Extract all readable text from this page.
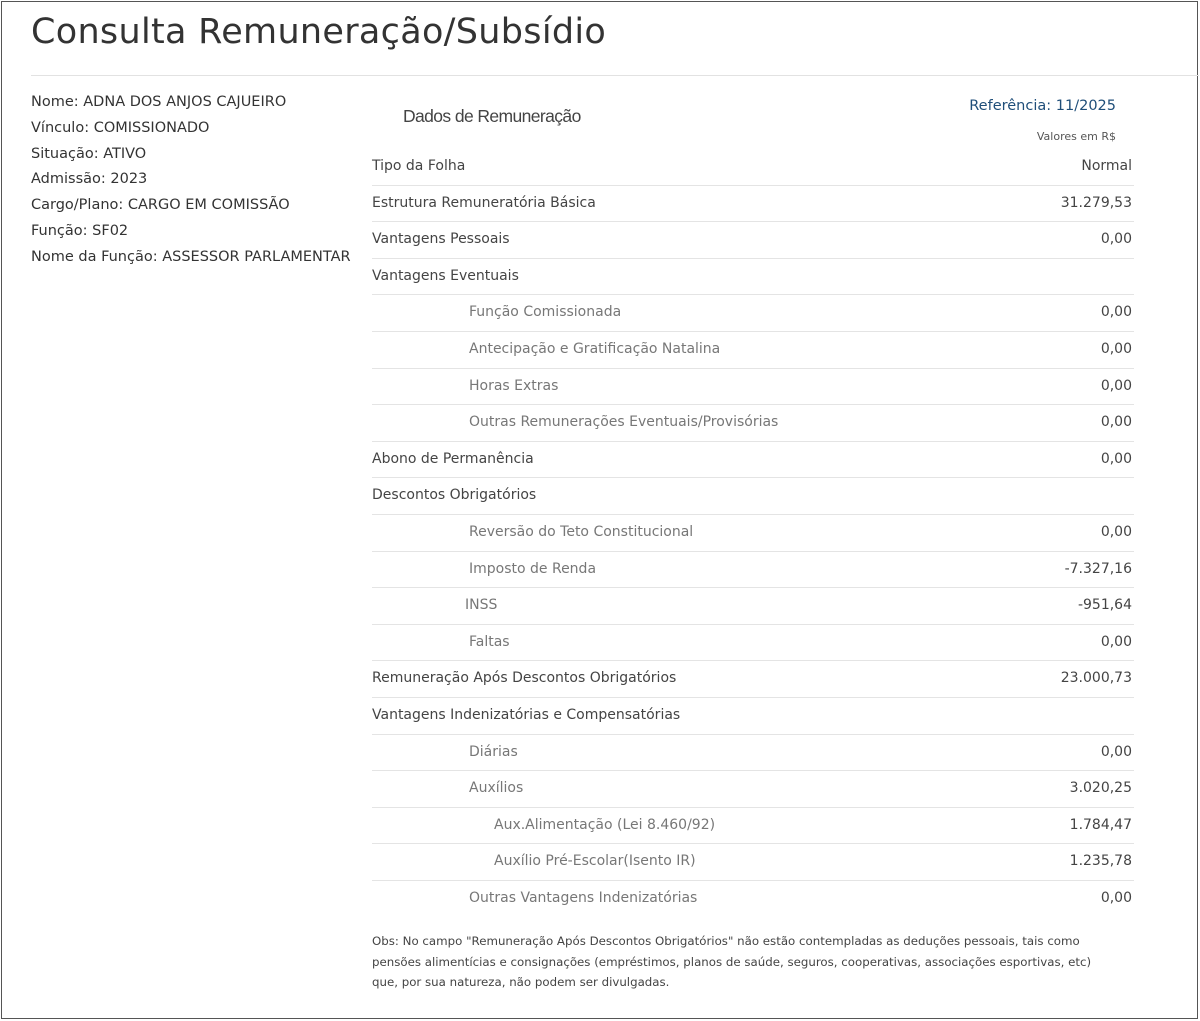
Consulta Remuneração/Subsídio
Nome: ADNA DOS ANJOS CAJUEIRO
Vínculo: COMISSIONADO
Situação: ATIVO
Admissão: 2023
Cargo/Plano: CARGO EM COMISSÃO
Função: SF02
Nome da Função: ASSESSOR PARLAMENTAR
Dados de Remuneração	Referência: 11/2025
Valores em R$
Tipo da Folha	Normal
Estrutura Remuneratória Básica	31.279,53
Vantagens Pessoais	0,00
Vantagens Eventuais
Função Comissionada	0,00
Antecipação e Gratificação Natalina	0,00
Horas Extras	0,00
Outras Remunerações Eventuais/Provisórias	0,00
Abono de Permanência	0,00
Descontos Obrigatórios
Reversão do Teto Constitucional	0,00
Imposto de Renda	-7.327,16
INSS	-951,64
Faltas	0,00
Remuneração Após Descontos Obrigatórios	23.000,73
Vantagens Indenizatórias e Compensatórias
Diárias	0,00
Auxílios	3.020,25
Aux.Alimentação (Lei 8.460/92)	1.784,47
Auxílio Pré-Escolar(Isento IR)	1.235,78
Outras Vantagens Indenizatórias	0,00

Obs: No campo "Remuneração Após Descontos Obrigatórios" não estão contempladas as deduções pessoais, tais como pensões alimentícias e consignações (empréstimos, planos de saúde, seguros, cooperativas, associações esportivas, etc) que, por sua natureza, não podem ser divulgadas.
